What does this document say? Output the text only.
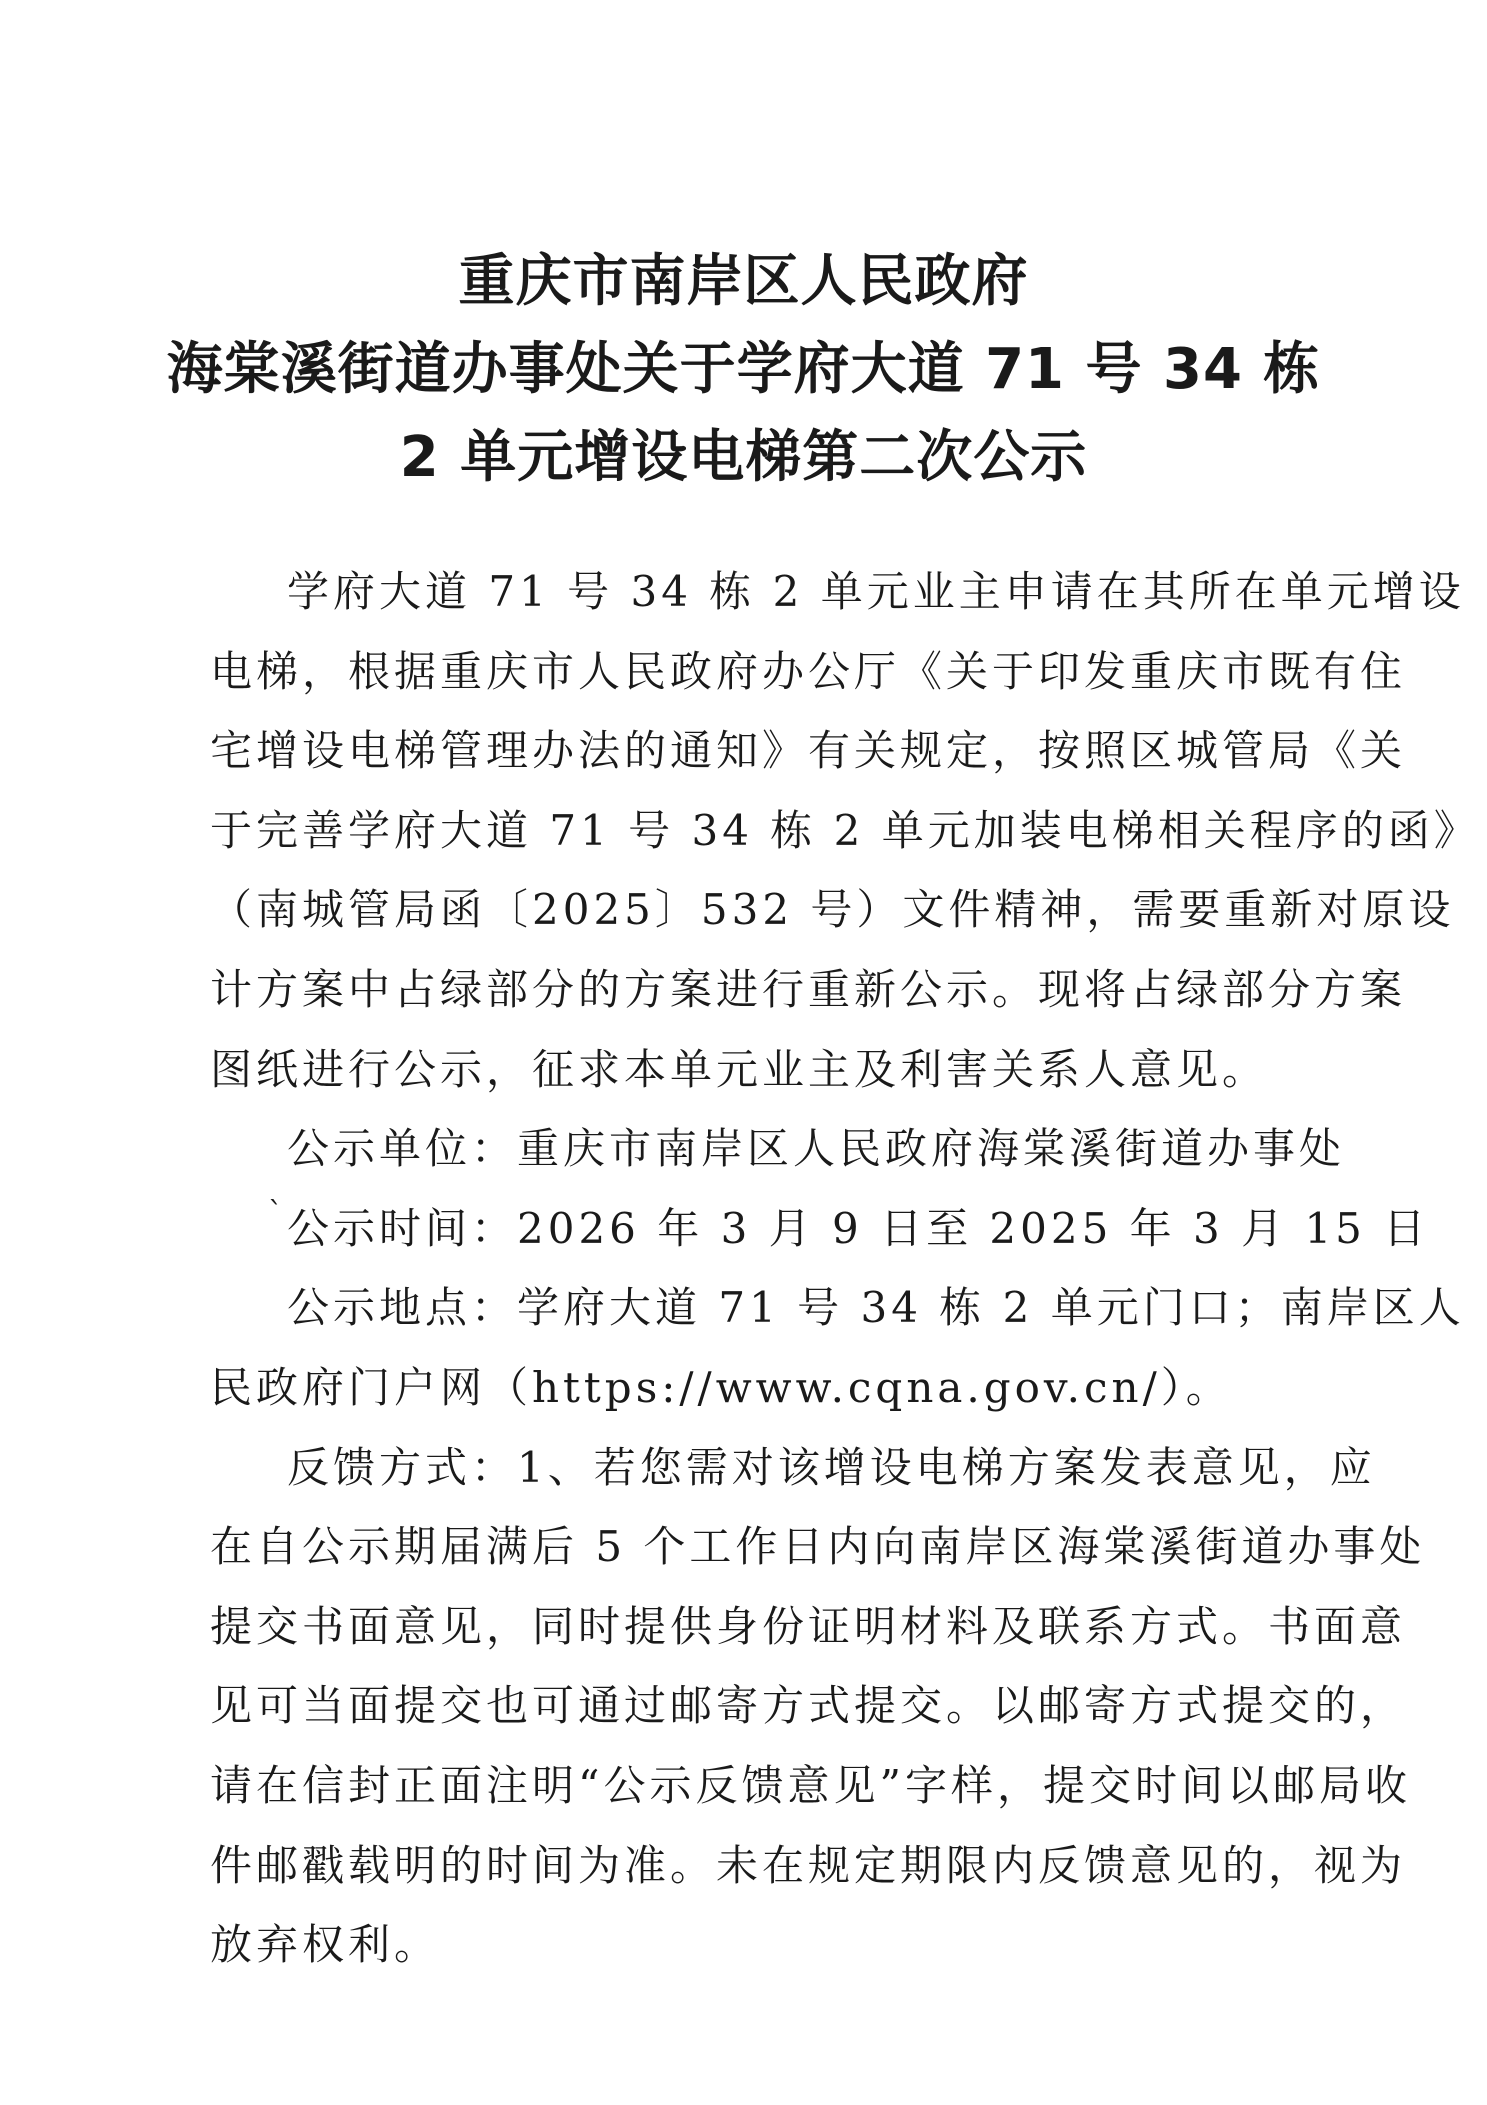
重庆市南岸区人民政府
海棠溪街道办事处关于学府大道 71 号 34 栋
2 单元增设电梯第二次公示
`
学府大道 71 号 34 栋 2 单元业主申请在其所在单元增设
电梯，根据重庆市人民政府办公厅《关于印发重庆市既有住
宅增设电梯管理办法的通知》有关规定，按照区城管局《关
于完善学府大道 71 号 34 栋 2 单元加装电梯相关程序的函》
（南城管局函〔2025〕532 号）文件精神，需要重新对原设
计方案中占绿部分的方案进行重新公示。现将占绿部分方案
图纸进行公示，征求本单元业主及利害关系人意见。
公示单位：重庆市南岸区人民政府海棠溪街道办事处
公示时间：2026 年 3 月 9 日至 2025 年 3 月 15 日
公示地点：学府大道 71 号 34 栋 2 单元门口；南岸区人
民政府门户网（https://www.cqna.gov.cn/）。
反馈方式：1、若您需对该增设电梯方案发表意见，应
在自公示期届满后 5 个工作日内向南岸区海棠溪街道办事处
提交书面意见，同时提供身份证明材料及联系方式。书面意
见可当面提交也可通过邮寄方式提交。以邮寄方式提交的，
请在信封正面注明“公示反馈意见”字样，提交时间以邮局收
件邮戳载明的时间为准。未在规定期限内反馈意见的，视为
放弃权利。
